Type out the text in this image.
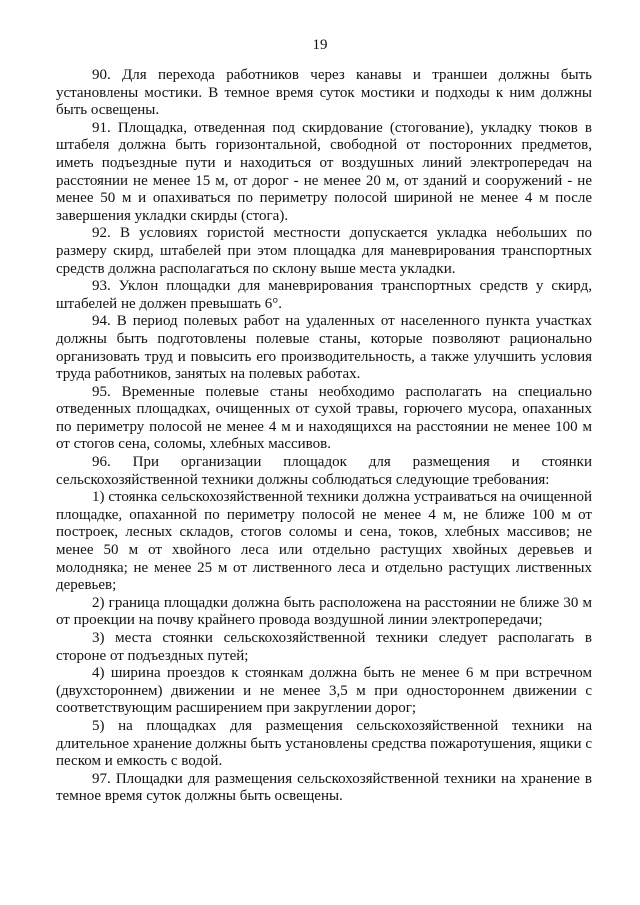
19

90. Для перехода работников через канавы и траншеи должны быть установлены мостики. В темное время суток мостики и подходы к ним должны быть освещены.

91. Площадка, отведенная под скирдование (стогование), укладку тюков в штабеля должна быть горизонтальной, свободной от посторонних предметов, иметь подъездные пути и находиться от воздушных линий электропередач на расстоянии не менее 15 м, от дорог - не менее 20 м, от зданий и сооружений - не менее 50 м и опахиваться по периметру полосой шириной не менее 4 м после завершения укладки скирды (стога).

92. В условиях гористой местности допускается укладка небольших по размеру скирд, штабелей при этом площадка для маневрирования транспортных средств должна располагаться по склону выше места укладки.

93. Уклон площадки для маневрирования транспортных средств у скирд, штабелей не должен превышать 6°.

94. В период полевых работ на удаленных от населенного пункта участках должны быть подготовлены полевые станы, которые позволяют рационально организовать труд и повысить его производительность, а также улучшить условия труда работников, занятых на полевых работах.

95. Временные полевые станы необходимо располагать на специально отведенных площадках, очищенных от сухой травы, горючего мусора, опаханных по периметру полосой не менее 4 м и находящихся на расстоянии не менее 100 м от стогов сена, соломы, хлебных массивов.

96. При организации площадок для размещения и стоянки сельскохозяйственной техники должны соблюдаться следующие требования:

1) стоянка сельскохозяйственной техники должна устраиваться на очищенной площадке, опаханной по периметру полосой не менее 4 м, не ближе 100 м от построек, лесных складов, стогов соломы и сена, токов, хлебных массивов; не менее 50 м от хвойного леса или отдельно растущих хвойных деревьев и молодняка; не менее 25 м от лиственного леса и отдельно растущих лиственных деревьев;

2) граница площадки должна быть расположена на расстоянии не ближе 30 м от проекции на почву крайнего провода воздушной линии электропередачи;

3) места стоянки сельскохозяйственной техники следует располагать в стороне от подъездных путей;

4) ширина проездов к стоянкам должна быть не менее 6 м при встречном (двухстороннем) движении и не менее 3,5 м при одностороннем движении с соответствующим расширением при закруглении дорог;

5) на площадках для размещения сельскохозяйственной техники на длительное хранение должны быть установлены средства пожаротушения, ящики с песком и емкость с водой.

97. Площадки для размещения сельскохозяйственной техники на хранение в темное время суток должны быть освещены.
